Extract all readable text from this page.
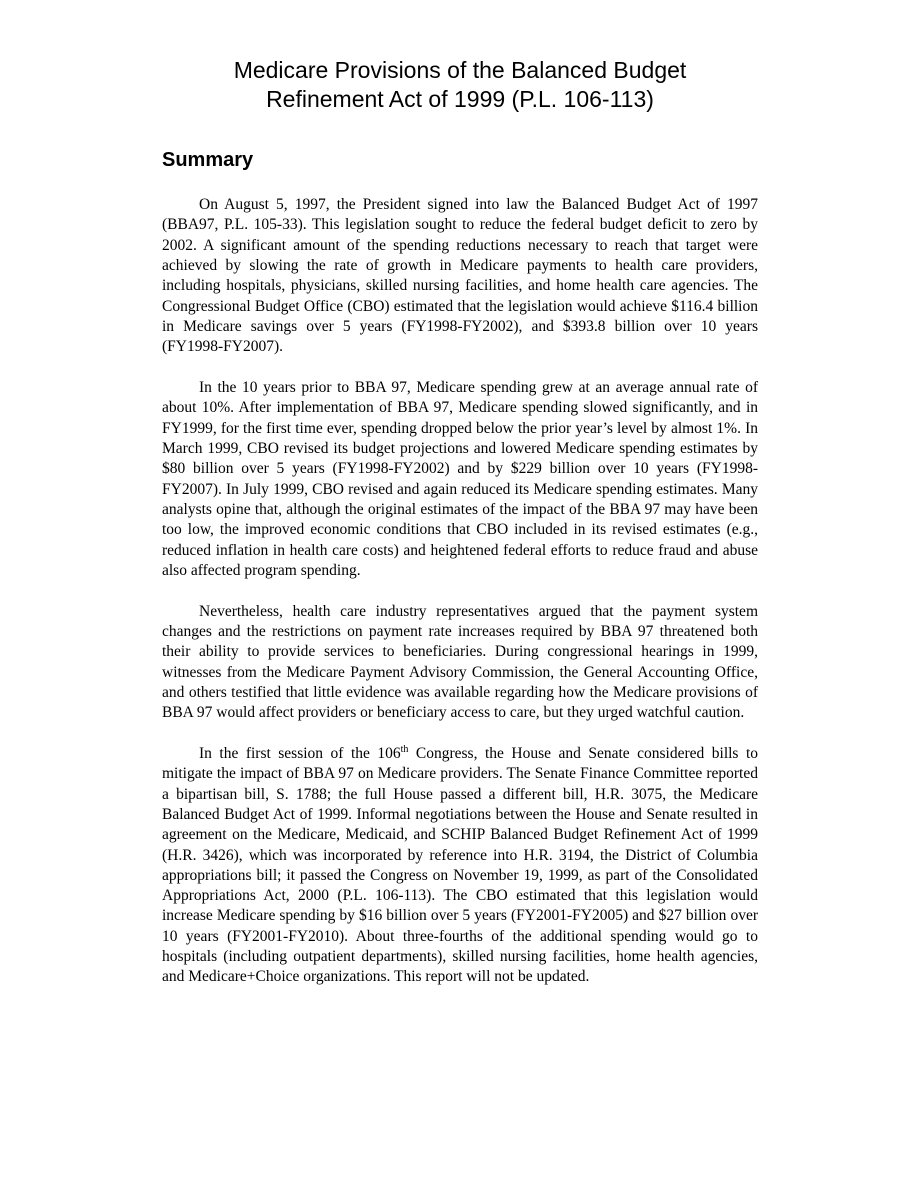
Medicare Provisions of the Balanced Budget
Refinement Act of 1999 (P.L. 106-113)
Summary

On August 5, 1997, the President signed into law the Balanced Budget Act of 1997 (BBA97, P.L. 105-33). This legislation sought to reduce the federal budget deficit to zero by 2002. A significant amount of the spending reductions necessary to reach that target were achieved by slowing the rate of growth in Medicare payments to health care providers, including hospitals, physicians, skilled nursing facilities, and home health care agencies. The Congressional Budget Office (CBO) estimated that the legislation would achieve $116.4 billion in Medicare savings over 5 years (FY1998-FY2002), and $393.8 billion over 10 years (FY1998-FY2007).

In the 10 years prior to BBA 97, Medicare spending grew at an average annual rate of about 10%. After implementation of BBA 97, Medicare spending slowed significantly, and in FY1999, for the first time ever, spending dropped below the prior year’s level by almost 1%. In March 1999, CBO revised its budget projections and lowered Medicare spending estimates by $80 billion over 5 years (FY1998-FY2002) and by $229 billion over 10 years (FY1998-FY2007). In July 1999, CBO revised and again reduced its Medicare spending estimates. Many analysts opine that, although the original estimates of the impact of the BBA 97 may have been too low, the improved economic conditions that CBO included in its revised estimates (e.g., reduced inflation in health care costs) and heightened federal efforts to reduce fraud and abuse also affected program spending.

Nevertheless, health care industry representatives argued that the payment system changes and the restrictions on payment rate increases required by BBA 97 threatened both their ability to provide services to beneficiaries. During congressional hearings in 1999, witnesses from the Medicare Payment Advisory Commission, the General Accounting Office, and others testified that little evidence was available regarding how the Medicare provisions of BBA 97 would affect providers or beneficiary access to care, but they urged watchful caution.

In the first session of the 106th Congress, the House and Senate considered bills to mitigate the impact of BBA 97 on Medicare providers. The Senate Finance Committee reported a bipartisan bill, S. 1788; the full House passed a different bill, H.R. 3075, the Medicare Balanced Budget Act of 1999. Informal negotiations between the House and Senate resulted in agreement on the Medicare, Medicaid, and SCHIP Balanced Budget Refinement Act of 1999 (H.R. 3426), which was incorporated by reference into H.R. 3194, the District of Columbia appropriations bill; it passed the Congress on November 19, 1999, as part of the Consolidated Appropriations Act, 2000 (P.L. 106-113). The CBO estimated that this legislation would increase Medicare spending by $16 billion over 5 years (FY2001-FY2005) and $27 billion over 10 years (FY2001-FY2010). About three-fourths of the additional spending would go to hospitals (including outpatient departments), skilled nursing facilities, home health agencies, and Medicare+Choice organizations. This report will not be updated.
